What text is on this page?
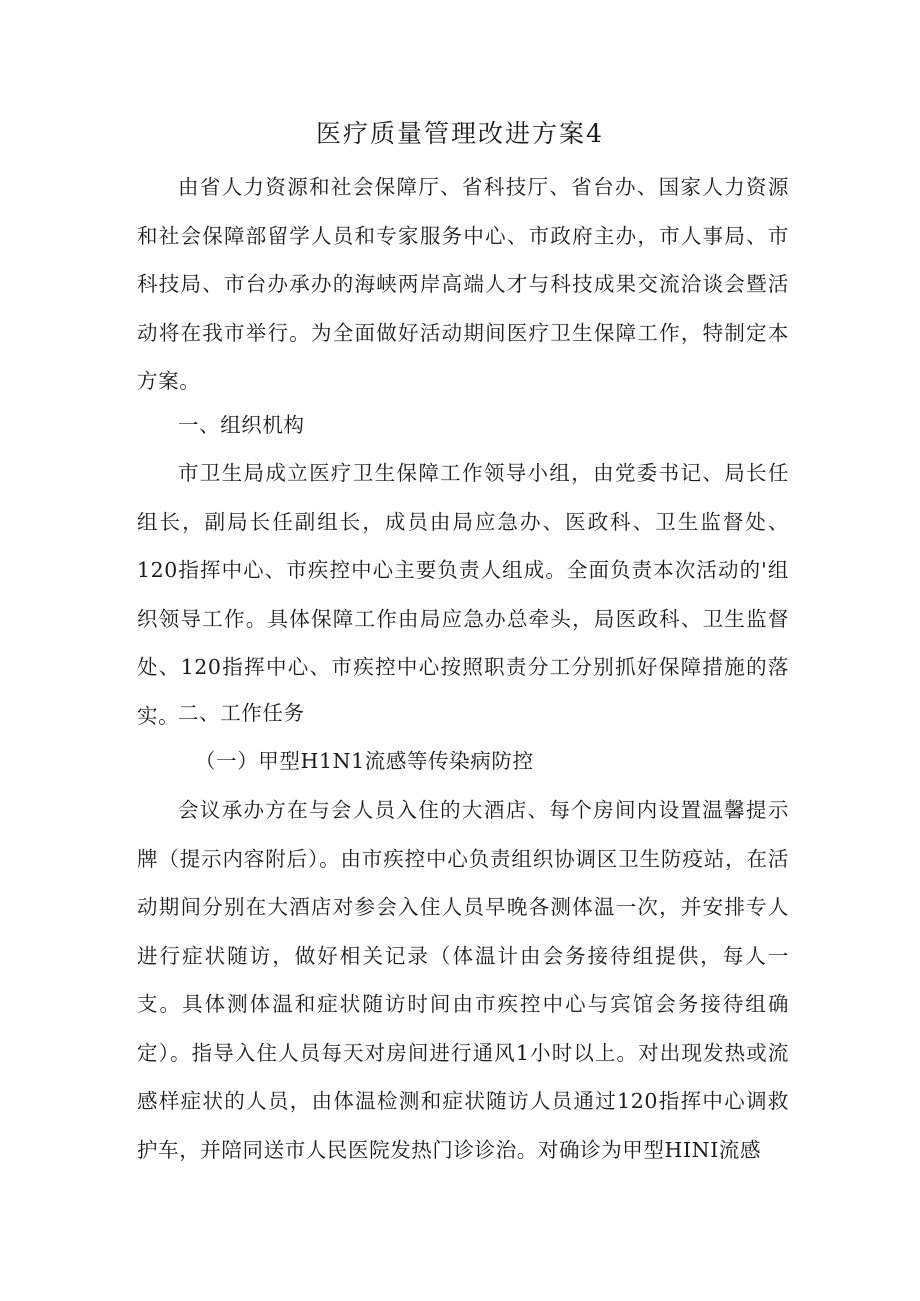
医疗质量管理改进方案4

由省人力资源和社会保障厅、省科技厅、省台办、国家人力资源和社会保障部留学人员和专家服务中心、市政府主办，市人事局、市科技局、市台办承办的海峡两岸高端人才与科技成果交流洽谈会暨活动将在我市举行。为全面做好活动期间医疗卫生保障工作，特制定本方案。

一、组织机构

市卫生局成立医疗卫生保障工作领导小组，由党委书记、局长任组长，副局长任副组长，成员由局应急办、医政科、卫生监督处、120指挥中心、市疾控中心主要负责人组成。全面负责本次活动的'组织领导工作。具体保障工作由局应急办总牵头，局医政科、卫生监督处、120指挥中心、市疾控中心按照职责分工分别抓好保障措施的落实。

二、工作任务

（一）甲型H1N1流感等传染病防控

会议承办方在与会人员入住的大酒店、每个房间内设置温馨提示牌（提示内容附后）。由市疾控中心负责组织协调区卫生防疫站，在活动期间分别在大酒店对参会入住人员早晚各测体温一次，并安排专人进行症状随访，做好相关记录（体温计由会务接待组提供，每人一支。具体测体温和症状随访时间由市疾控中心与宾馆会务接待组确定）。指导入住人员每天对房间进行通风1小时以上。对出现发热或流感样症状的人员，由体温检测和症状随访人员通过120指挥中心调救护车，并陪同送市人民医院发热门诊诊治。对确诊为甲型HINI流感
